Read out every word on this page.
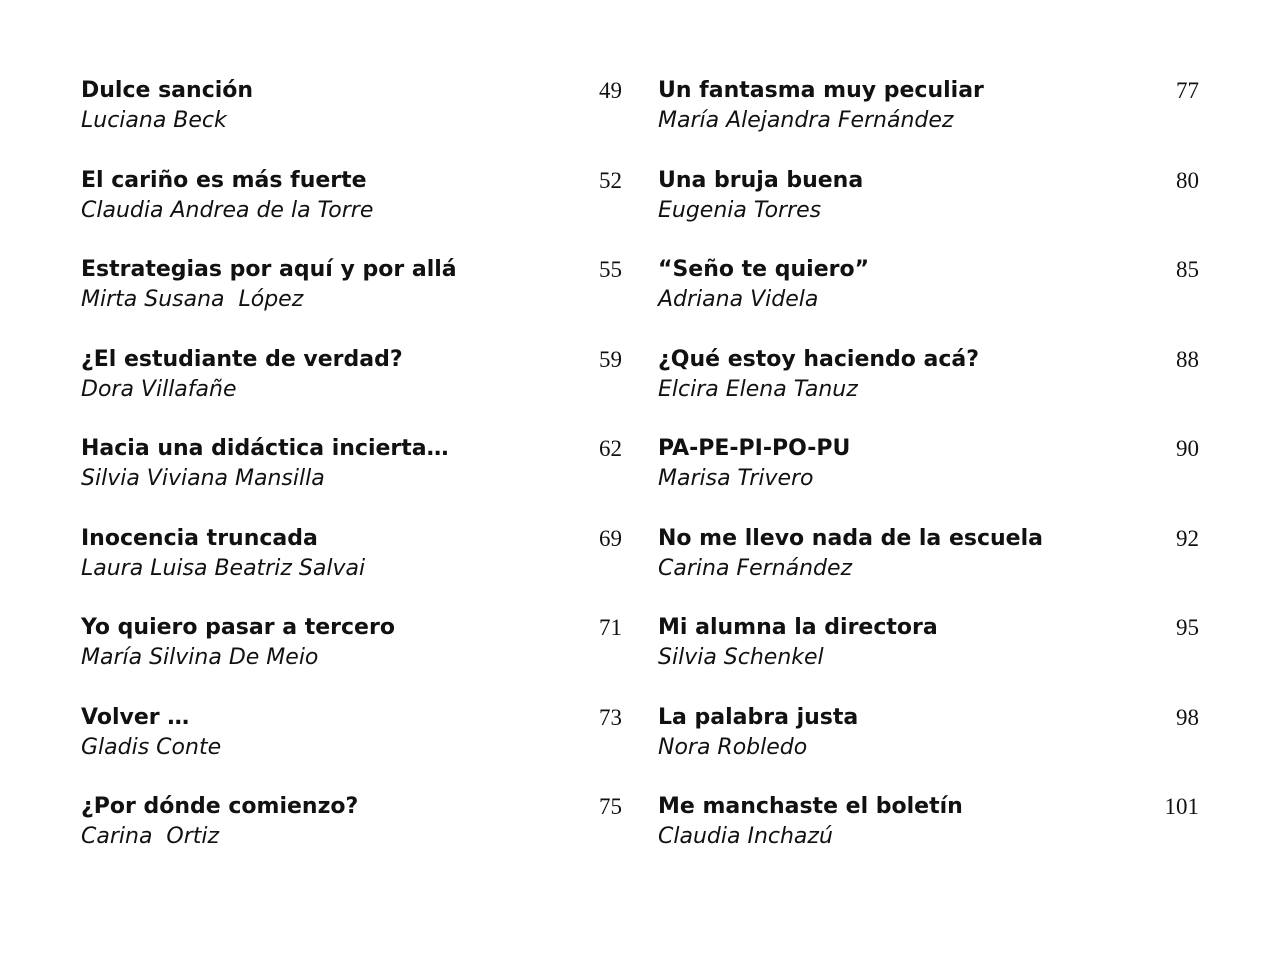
Dulce sanción
Luciana Beck
49
El cariño es más fuerte
Claudia Andrea de la Torre
52
Estrategias por aquí y por allá
Mirta Susana  López
55
¿El estudiante de verdad?
Dora Villafañe
59
Hacia una didáctica incierta…
Silvia Viviana Mansilla
62
Inocencia truncada
Laura Luisa Beatriz Salvai
69
Yo quiero pasar a tercero
María Silvina De Meio
71
Volver …
Gladis Conte
73
¿Por dónde comienzo?
Carina  Ortiz
75
Un fantasma muy peculiar
María Alejandra Fernández
77
Una bruja buena
Eugenia Torres
80
“Seño te quiero”
Adriana Videla
85
¿Qué estoy haciendo acá?
Elcira Elena Tanuz
88
PA-PE-PI-PO-PU
Marisa Trivero
90
No me llevo nada de la escuela
Carina Fernández
92
Mi alumna la directora
Silvia Schenkel
95
La palabra justa
Nora Robledo
98
Me manchaste el boletín
Claudia Inchazú
101
